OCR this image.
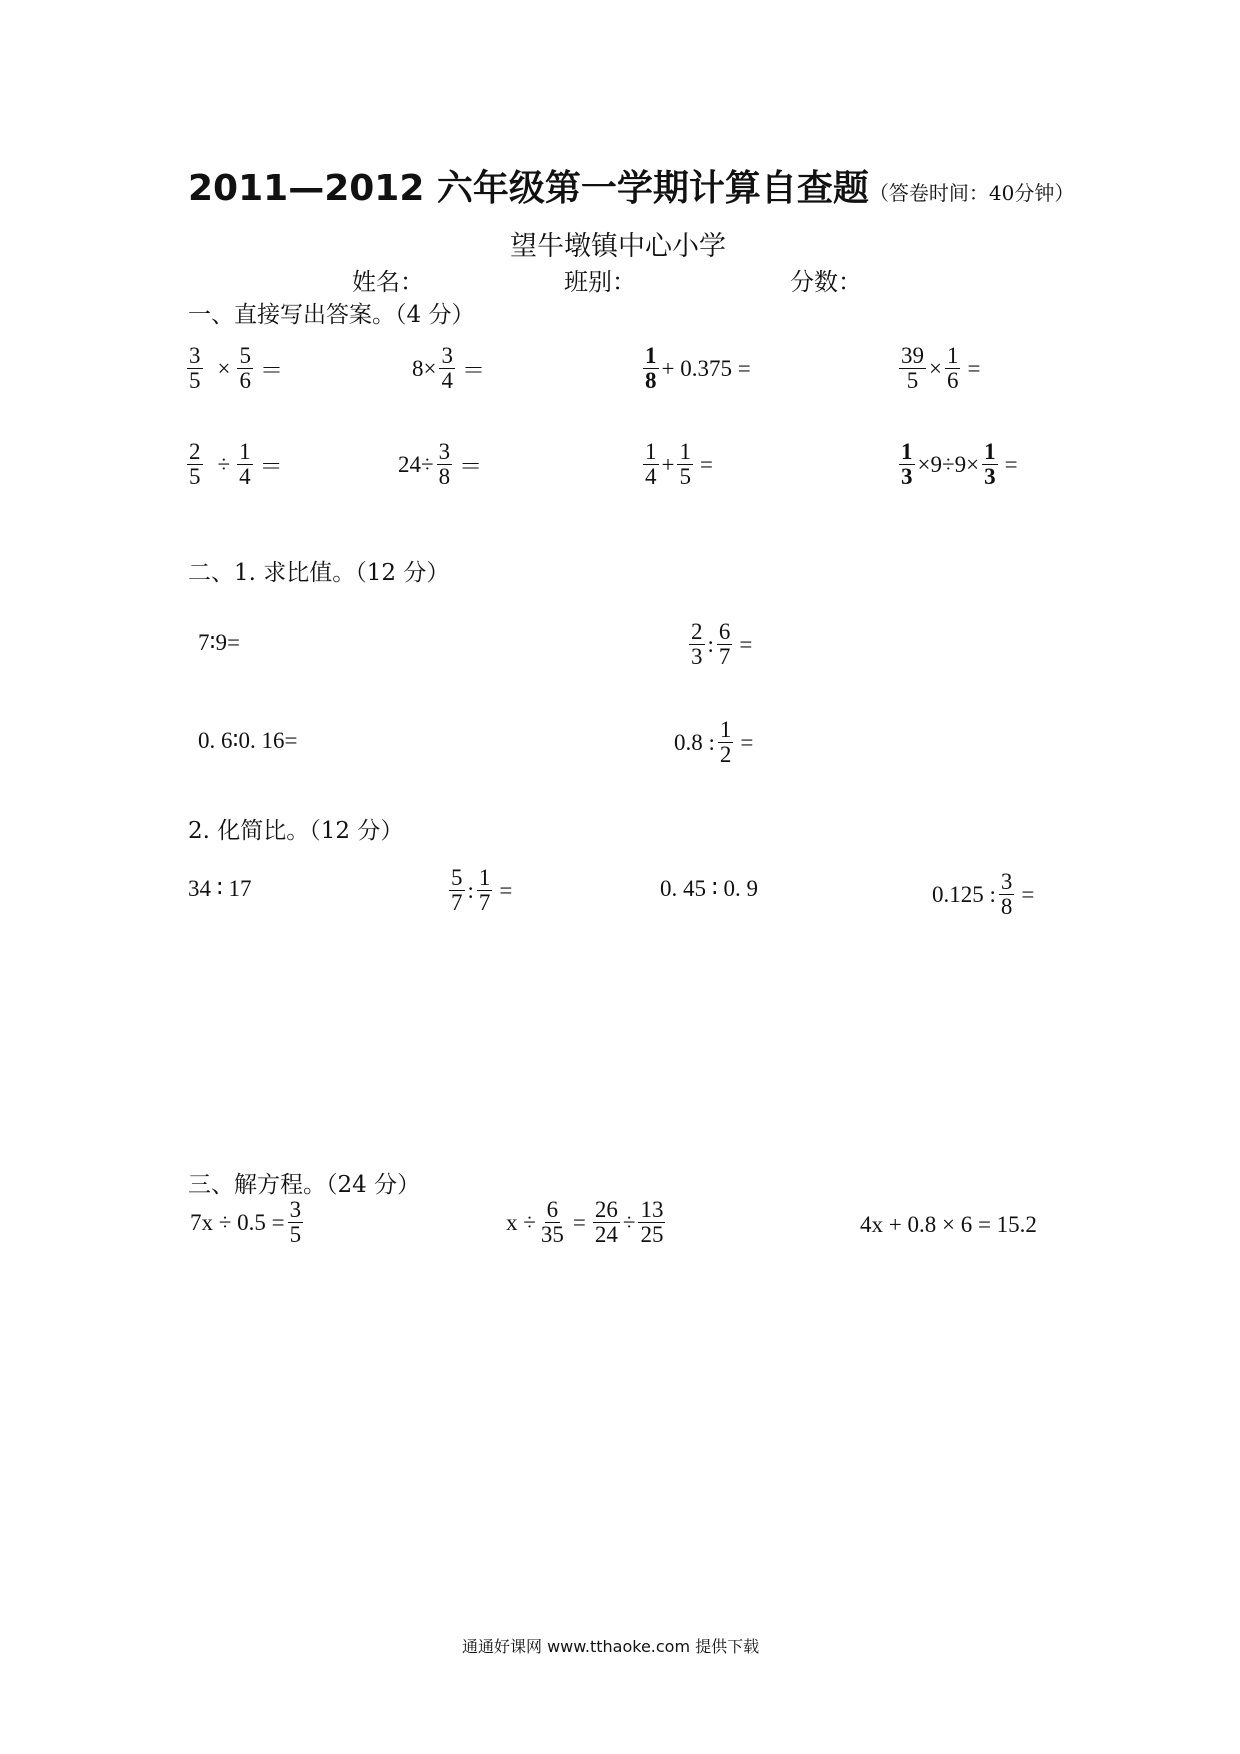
2011—2012 六年级第一学期计算自查题（答卷时间：40分钟）
望牛墩镇中心小学
姓名：	班别：	分数：
一、直接写出答案。（4 分）
$\frac{3}{5} \times \frac{5}{6}$ ＝	$8\times \frac{3}{4}$ ＝	$\frac{1}{8} + 0.375$ =	$\frac{39}{5} \times \frac{1}{6}$ =
$\frac{2}{5} \div \frac{1}{4}$ ＝	$24\div \frac{3}{8}$ ＝	$\frac{1}{4} + \frac{1}{5}$ =	$\frac{1}{3} \times 9\div 9\times \frac{1}{3}$ =
二、1. 求比值。（12 分）
7∶9=	$\frac{2}{3}$ : $\frac{6}{7}$ =
0. 6∶0. 16=	0.8 : $\frac{1}{2}$ =
2. 化简比。（12 分）
34 ∶ 17	$\frac{5}{7}$ : $\frac{1}{7}$ =	0. 45 ∶ 0. 9	0.125 : $\frac{3}{8}$ =
三、解方程。（24 分）
$7x \div 0.5 = \frac{3}{5}$	$x \div \frac{6}{35} = \frac{26}{24} \div \frac{13}{25}$	4x + 0.8 × 6 = 15.2
通通好课网 www.tthaoke.com 提供下载
